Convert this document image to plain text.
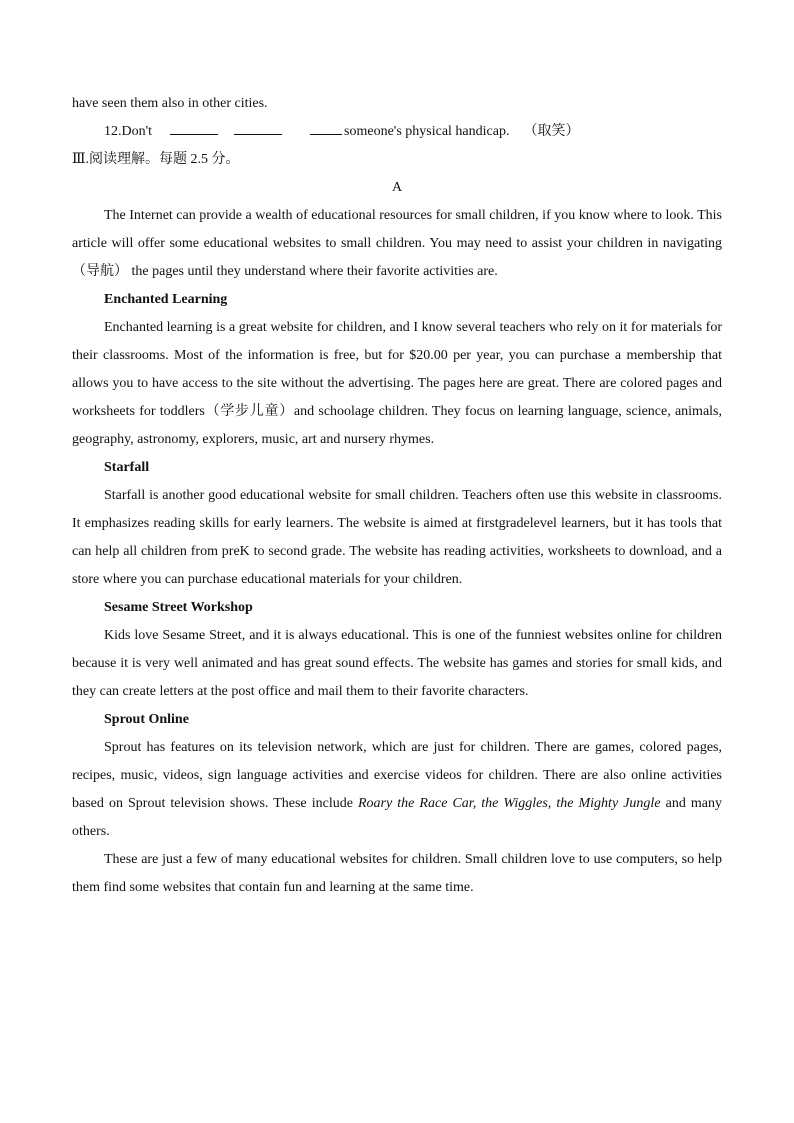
have seen them also in other cities.

12.Don't	someone's physical handicap. （取笑）

Ⅲ.阅读理解。每题 2.5 分。

A

The Internet can provide a wealth of educational resources for small children, if you know where to look. This article will offer some educational websites to small children. You may need to assist your children in navigating （导航） the pages until they understand where their favorite activities are.

Enchanted Learning

Enchanted learning is a great website for children, and I know several teachers who rely on it for materials for their classrooms. Most of the information is free, but for $20.00 per year, you can purchase a membership that allows you to have access to the site without the advertising. The pages here are great. There are colored pages and worksheets for toddlers（学步儿童）and schoolage children. They focus on learning language, science, animals, geography, astronomy, explorers, music, art and nursery rhymes.

Starfall

Starfall is another good educational website for small children. Teachers often use this website in classrooms. It emphasizes reading skills for early learners. The website is aimed at firstgradelevel learners, but it has tools that can help all children from preK to second grade. The website has reading activities, worksheets to download, and a store where you can purchase educational materials for your children.

Sesame Street Workshop

Kids love Sesame Street, and it is always educational. This is one of the funniest websites online for children because it is very well animated and has great sound effects. The website has games and stories for small kids, and they can create letters at the post office and mail them to their favorite characters.

Sprout Online

Sprout has features on its television network, which are just for children. There are games, colored pages, recipes, music, videos, sign language activities and exercise videos for children. There are also online activities based on Sprout television shows. These include Roary the Race Car, the Wiggles, the Mighty Jungle and many others.

These are just a few of many educational websites for children. Small children love to use computers, so help them find some websites that contain fun and learning at the same time.
